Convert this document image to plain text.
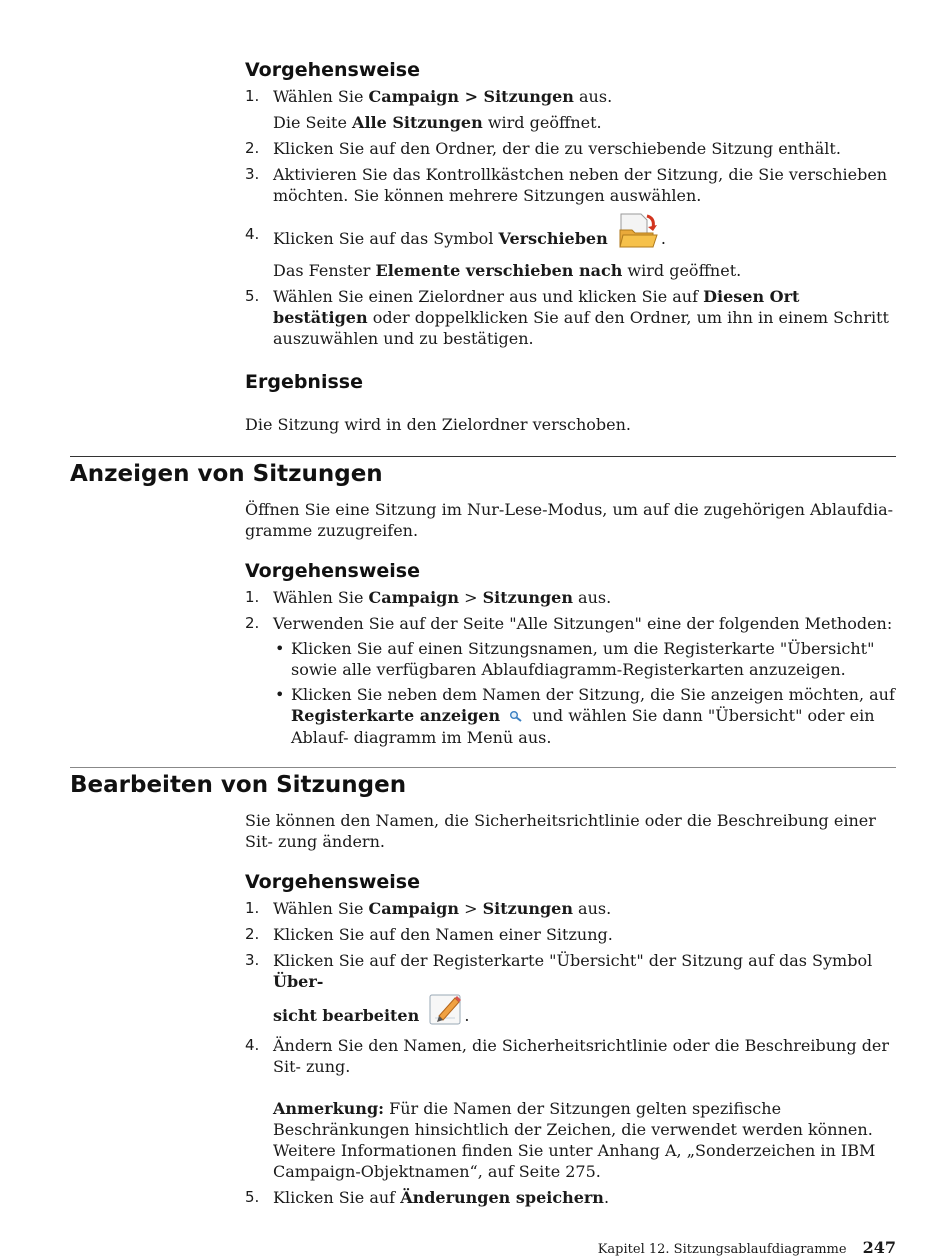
Vorgehensweise
1. Wählen Sie Campaign > Sitzungen aus.
Die Seite Alle Sitzungen wird geöffnet.
2. Klicken Sie auf den Ordner, der die zu verschiebende Sitzung enthält.
3. Aktivieren Sie das Kontrollkästchen neben der Sitzung, die Sie verschieben möchten. Sie können mehrere Sitzungen auswählen.
4. Klicken Sie auf das Symbol Verschieben	.
Das Fenster Elemente verschieben nach wird geöffnet.
5. Wählen Sie einen Zielordner aus und klicken Sie auf Diesen Ort bestätigen oder doppelklicken Sie auf den Ordner, um ihn in einem Schritt auszuwählen und zu bestätigen.
Ergebnisse

Die Sitzung wird in den Zielordner verschoben.

Anzeigen von Sitzungen

Öffnen Sie eine Sitzung im Nur-Lese-Modus, um auf die zugehörigen Ablaufdia- gramme zuzugreifen.

Vorgehensweise
1. Wählen Sie Campaign > Sitzungen aus.
2. Verwenden Sie auf der Seite "Alle Sitzungen" eine der folgenden Methoden:
• Klicken Sie auf einen Sitzungsnamen, um die Registerkarte "Übersicht" sowie alle verfügbaren Ablaufdiagramm-Registerkarten anzuzeigen.
• Klicken Sie neben dem Namen der Sitzung, die Sie anzeigen möchten, auf Registerkarte anzeigen  und wählen Sie dann "Übersicht" oder ein Ablauf- diagramm im Menü aus.
Bearbeiten von Sitzungen

Sie können den Namen, die Sicherheitsrichtlinie oder die Beschreibung einer Sit- zung ändern.

Vorgehensweise
1. Wählen Sie Campaign > Sitzungen aus.
2. Klicken Sie auf den Namen einer Sitzung.
3. Klicken Sie auf der Registerkarte "Übersicht" der Sitzung auf das Symbol Über-
sicht bearbeiten	.
4. Ändern Sie den Namen, die Sicherheitsrichtlinie oder die Beschreibung der Sit- zung.

Anmerkung: Für die Namen der Sitzungen gelten spezifische Beschränkungen hinsichtlich der Zeichen, die verwendet werden können. Weitere Informationen finden Sie unter Anhang A, „Sonderzeichen in IBM Campaign-Objektnamen“, auf Seite 275.

5. Klicken Sie auf Änderungen speichern.
Kapitel 12. Sitzungsablaufdiagramme 247
